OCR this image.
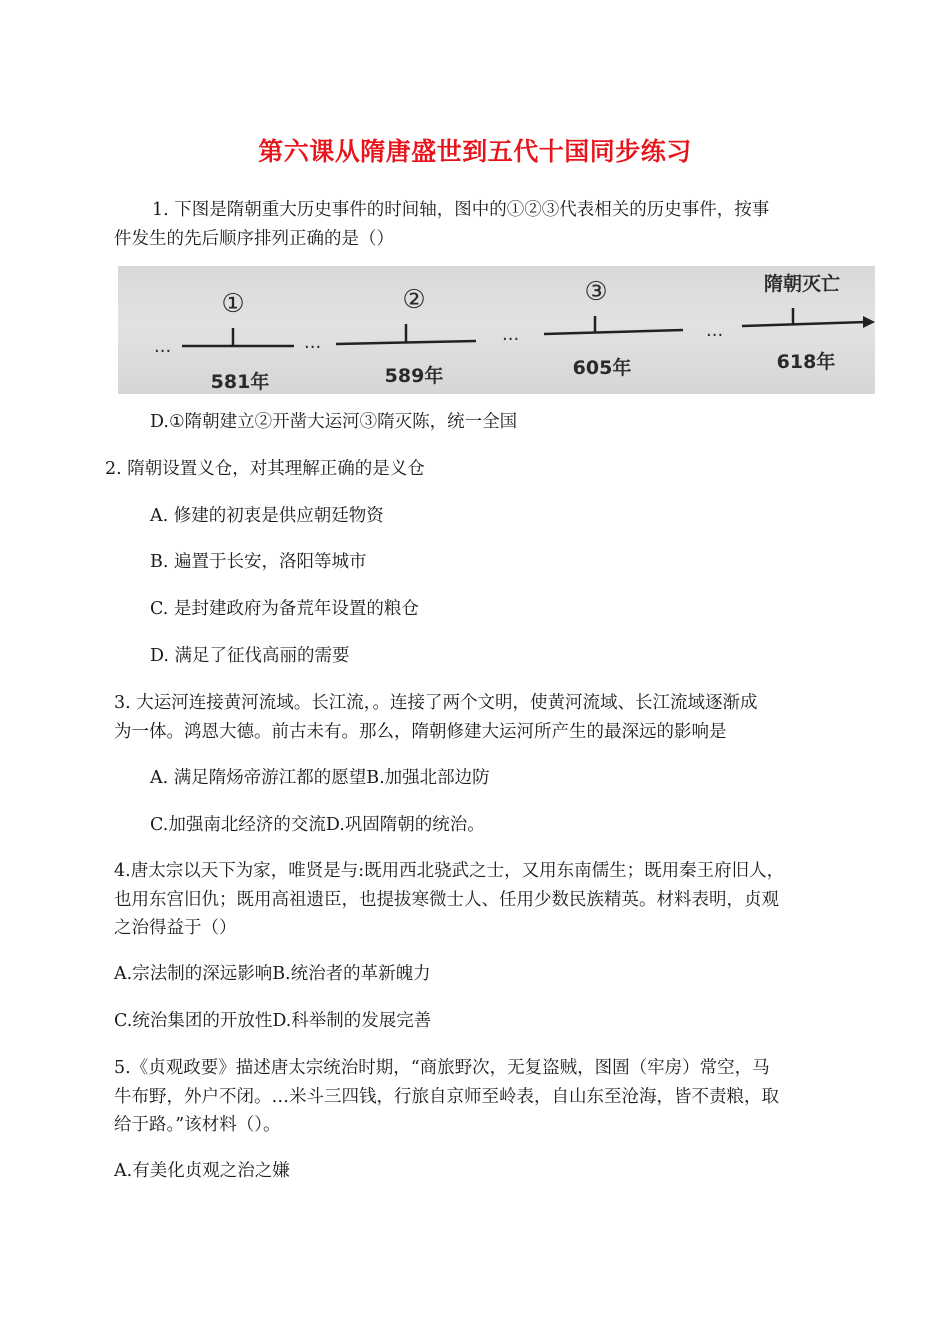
第六课从隋唐盛世到五代十国同步练习
1. 下图是隋朝重大历史事件的时间轴，图中的①②③代表相关的历史事件，按事
件发生的先后顺序排列正确的是（）
...	...	...	...
①	②	③	隋朝灭亡
581年	589年	605年	618年
D.①隋朝建立②开凿大运河③隋灭陈，统一全国
2. 隋朝设置义仓，对其理解正确的是义仓
A. 修建的初衷是供应朝廷物资
B. 遍置于长安，洛阳等城市
C. 是封建政府为备荒年设置的粮仓
D. 满足了征伐高丽的需要
3. 大运河连接黄河流域。长江流，。连接了两个文明，使黄河流域、长江流域逐渐成
为一体。鸿恩大德。前古未有。那么，隋朝修建大运河所产生的最深远的影响是
A. 满足隋炀帝游江都的愿望B.加强北部边防
C.加强南北经济的交流D.巩固隋朝的统治。
4.唐太宗以天下为家，唯贤是与:既用西北骁武之士，又用东南儒生；既用秦王府旧人，
也用东宫旧仇；既用高祖遗臣，也提拔寒微士人、任用少数民族精英。材料表明，贞观
之治得益于（）
A.宗法制的深远影响B.统治者的革新魄力
C.统治集团的开放性D.科举制的发展完善
5.《贞观政要》描述唐太宗统治时期，“商旅野次，无复盗贼，图圄（牢房）常空，马
牛布野，外户不闭。…米斗三四钱，行旅自京师至岭表，自山东至沧海，皆不责粮，取
给于路。”该材料（）。
A.有美化贞观之治之嫌
